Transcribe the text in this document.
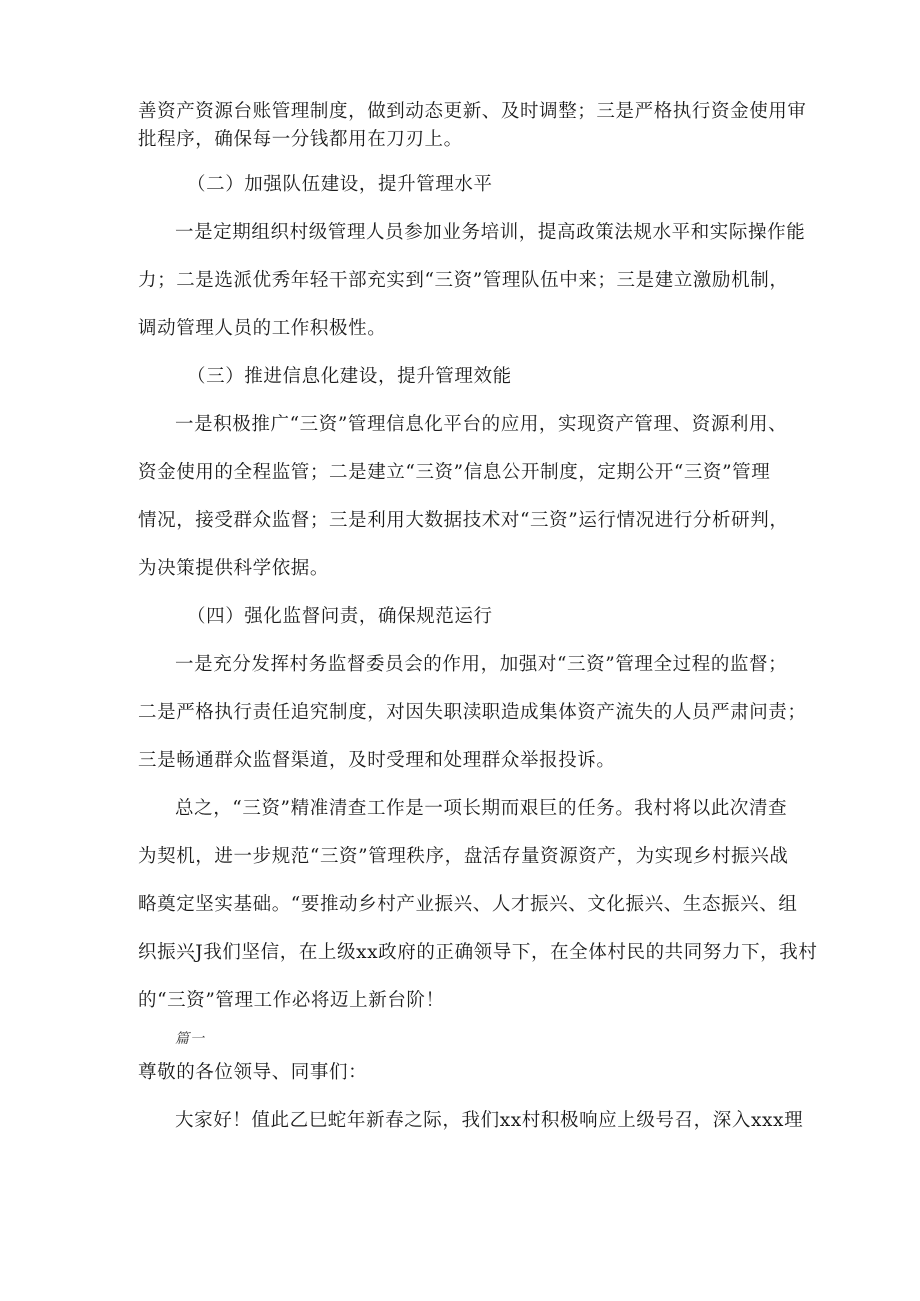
善资产资源台账管理制度，做到动态更新、及时调整；三是严格执行资金使用审
批程序，确保每一分钱都用在刀刃上。
（二）加强队伍建设，提升管理水平
一是定期组织村级管理人员参加业务培训，提高政策法规水平和实际操作能
力；二是选派优秀年轻干部充实到“三资”管理队伍中来；三是建立激励机制，
调动管理人员的工作积极性。
（三）推进信息化建设，提升管理效能
一是积极推广“三资”管理信息化平台的应用，实现资产管理、资源利用、
资金使用的全程监管；二是建立“三资”信息公开制度，定期公开“三资”管理
情况，接受群众监督；三是利用大数据技术对“三资”运行情况进行分析研判，
为决策提供科学依据。
（四）强化监督问责，确保规范运行
一是充分发挥村务监督委员会的作用，加强对“三资”管理全过程的监督；
二是严格执行责任追究制度，对因失职渎职造成集体资产流失的人员严肃问责；
三是畅通群众监督渠道，及时受理和处理群众举报投诉。
总之，“三资”精准清查工作是一项长期而艰巨的任务。我村将以此次清查
为契机，进一步规范“三资”管理秩序，盘活存量资源资产，为实现乡村振兴战
略奠定坚实基础。“要推动乡村产业振兴、人才振兴、文化振兴、生态振兴、组
织振兴J我们坚信，在上级xx政府的正确领导下，在全体村民的共同努力下，我村
的“三资”管理工作必将迈上新台阶！
篇一
尊敬的各位领导、同事们：
大家好！值此乙巳蛇年新春之际，我们xx村积极响应上级号召，深入xxx理
